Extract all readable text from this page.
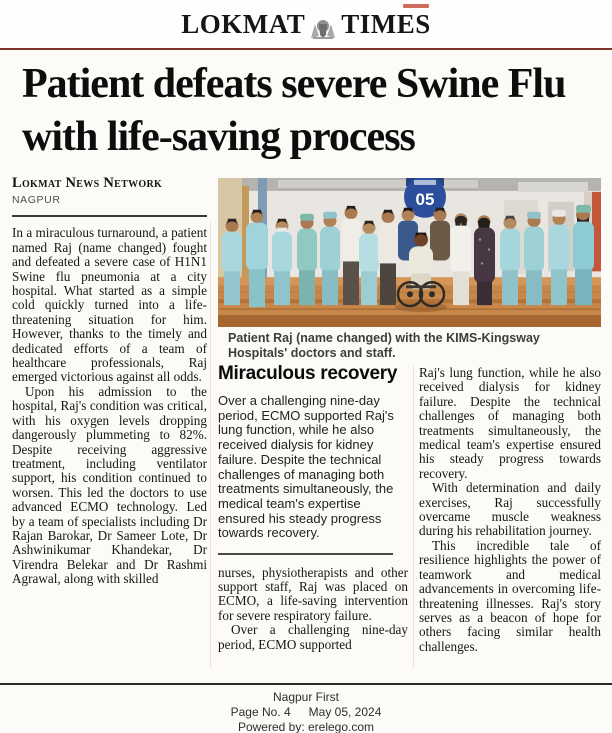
LOKMAT TIMES
Patient defeats severe Swine Flu with life-saving process
Lokmat News Network
NAGPUR

In a miraculous turnaround, a patient named Raj (name changed) fought and defeated a severe case of H1N1 Swine flu pneumonia at a city hospital. What started as a simple cold quickly turned into a life-threatening situation for him. However, thanks to the timely and dedicated efforts of a team of healthcare professionals, Raj emerged victorious against all odds.

Upon his admission to the hospital, Raj's condition was critical, with his oxygen levels dropping dangerously plummeting to 82%. Despite receiving aggressive treatment, including ventilator support, his condition continued to worsen. This led the doctors to use advanced ECMO technology. Led by a team of specialists including Dr Rajan Barokar, Dr Sameer Lote, Dr Ashwinikumar Khandekar, Dr Virendra Belekar and Dr Rashmi Agrawal, along with skilled

05
Patient Raj (name changed) with the KIMS-Kingsway Hospitals' doctors and staff.
Miraculous recovery
Over a challenging nine-day period, ECMO supported Raj's lung function, while he also received dialysis for kidney failure. Despite the technical challenges of managing both treatments simultaneously, the medical team's expertise ensured his steady progress towards recovery.

nurses, physiotherapists and other support staff, Raj was placed on ECMO, a life-saving intervention for severe respiratory failure.

Over a challenging nine-day period, ECMO supported

Raj's lung function, while he also received dialysis for kidney failure. Despite the technical challenges of managing both treatments simultaneously, the medical team's expertise ensured his steady progress towards recovery.

With determination and daily exercises, Raj successfully overcame muscle weakness during his rehabilitation journey.

This incredible tale of resilience highlights the power of teamwork and medical advancements in overcoming life-threatening illnesses. Raj's story serves as a beacon of hope for others facing similar health challenges.

Nagpur First
Page No. 4 May 05, 2024
Powered by: erelego.com
